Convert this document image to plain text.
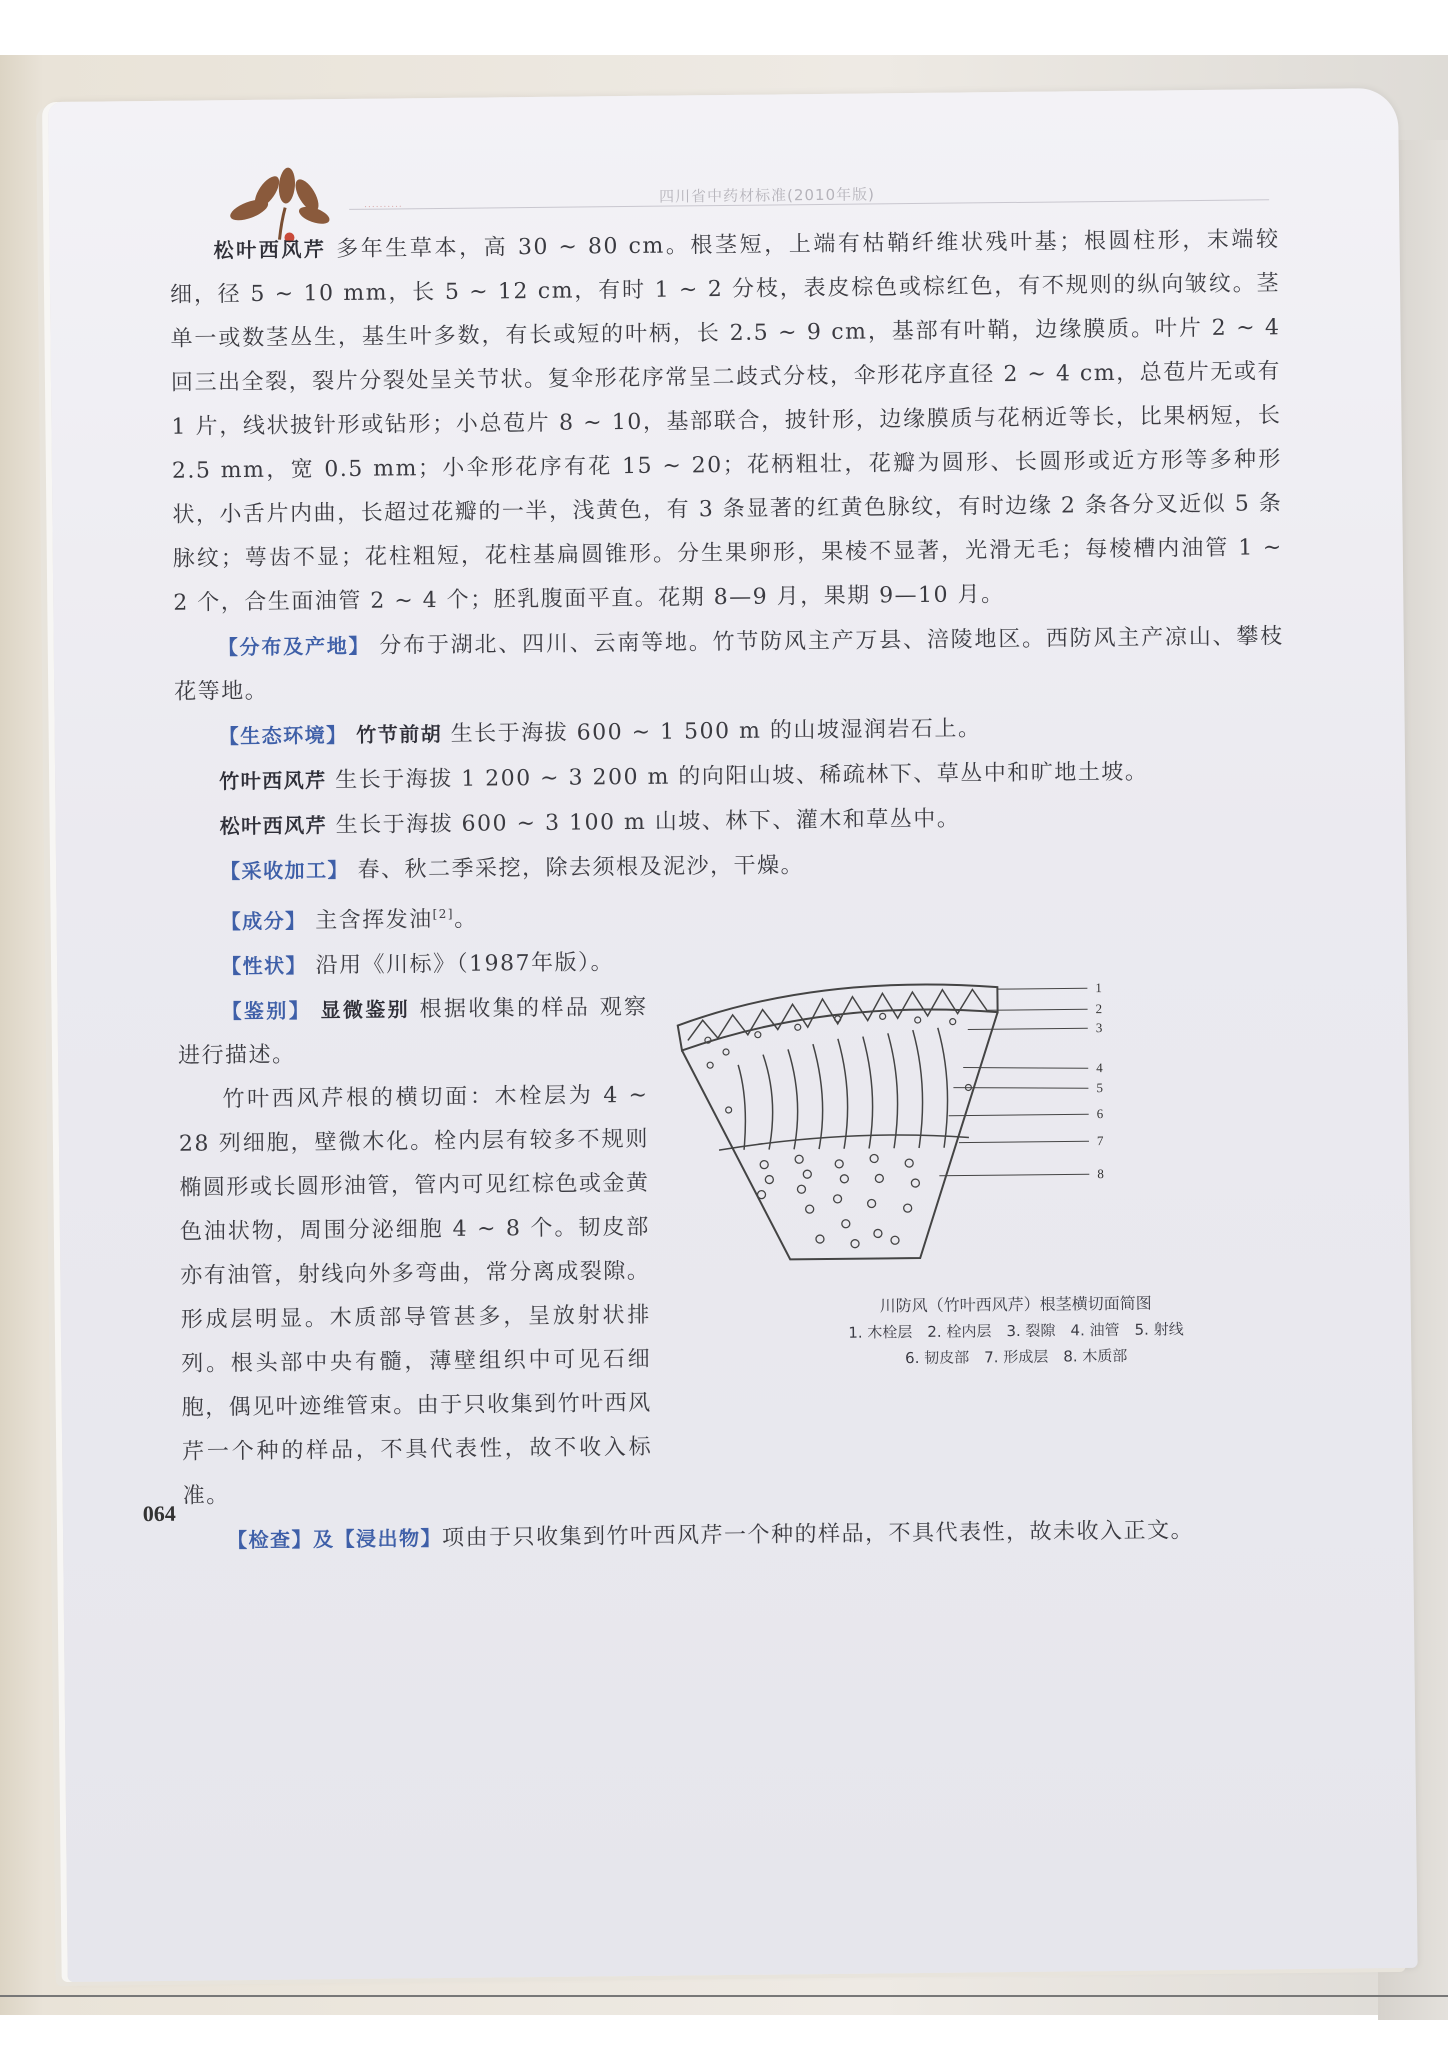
··········
四川省中药材标准(2010年版)

松叶西风芹 多年生草本，高 30 ~ 80 cm。根茎短，上端有枯鞘纤维状残叶基；根圆柱形，末端较细，径 5 ~ 10 mm，长 5 ~ 12 cm，有时 1 ~ 2 分枝，表皮棕色或棕红色，有不规则的纵向皱纹。茎单一或数茎丛生，基生叶多数，有长或短的叶柄，长 2.5 ~ 9 cm，基部有叶鞘，边缘膜质。叶片 2 ~ 4 回三出全裂，裂片分裂处呈关节状。复伞形花序常呈二歧式分枝，伞形花序直径 2 ~ 4 cm，总苞片无或有 1 片，线状披针形或钻形；小总苞片 8 ~ 10，基部联合，披针形，边缘膜质与花柄近等长，比果柄短，长 2.5 mm，宽 0.5 mm；小伞形花序有花 15 ~ 20；花柄粗壮，花瓣为圆形、长圆形或近方形等多种形状，小舌片内曲，长超过花瓣的一半，浅黄色，有 3 条显著的红黄色脉纹，有时边缘 2 条各分叉近似 5 条脉纹；萼齿不显；花柱粗短，花柱基扁圆锥形。分生果卵形，果棱不显著，光滑无毛；每棱槽内油管 1 ~ 2 个，合生面油管 2 ~ 4 个；胚乳腹面平直。花期 8—9 月，果期 9—10 月。

【分布及产地】 分布于湖北、四川、云南等地。竹节防风主产万县、涪陵地区。西防风主产凉山、攀枝花等地。

【生态环境】 竹节前胡 生长于海拔 600 ~ 1 500 m 的山坡湿润岩石上。

竹叶西风芹 生长于海拔 1 200 ~ 3 200 m 的向阳山坡、稀疏林下、草丛中和旷地土坡。

松叶西风芹 生长于海拔 600 ~ 3 100 m 山坡、林下、灌木和草丛中。

【采收加工】 春、秋二季采挖，除去须根及泥沙，干燥。

【成分】 主含挥发油[2]。

【性状】 沿用《川标》（1987年版）。

【鉴别】 显微鉴别 根据收集的样品 观察进行描述。

竹叶西风芹根的横切面：木栓层为 4 ~ 28 列细胞，壁微木化。栓内层有较多不规则椭圆形或长圆形油管，管内可见红棕色或金黄色油状物，周围分泌细胞 4 ~ 8 个。韧皮部亦有油管，射线向外多弯曲，常分离成裂隙。形成层明显。木质部导管甚多，呈放射状排列。根头部中央有髓，薄壁组织中可见石细胞，偶见叶迹维管束。由于只收集到竹叶西风芹一个种的样品，不具代表性，故不收入标准。

【检查】及【浸出物】项由于只收集到竹叶西风芹一个种的样品，不具代表性，故未收入正文。

1
2
3
4
5
6
7
8
川防风（竹叶西风芹）根茎横切面简图
1. 木栓层　2. 栓内层　3. 裂隙　4. 油管　5. 射线
6. 韧皮部　7. 形成层　8. 木质部
064
